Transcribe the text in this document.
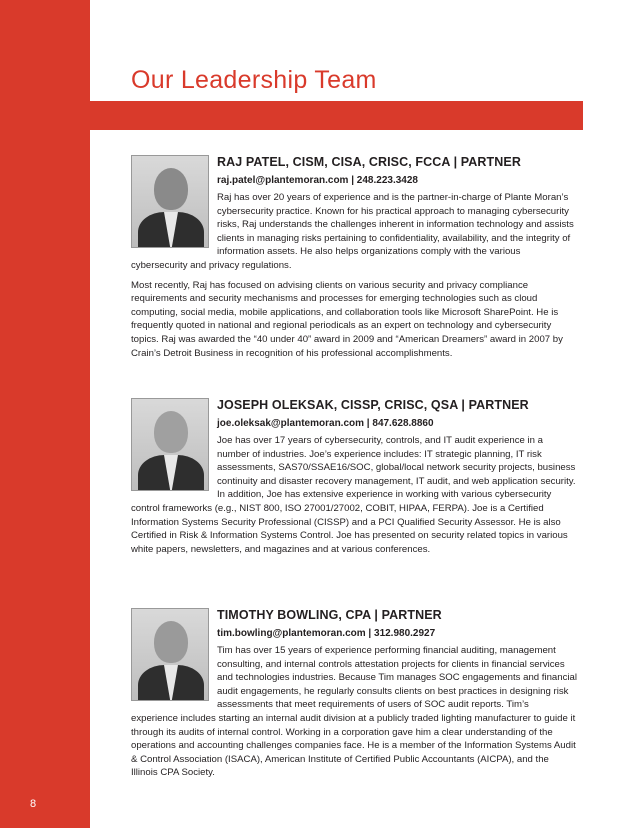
8
Our Leadership Team
RAJ PATEL, CISM, CISA, CRISC, FCCA | PARTNER

raj.patel@plantemoran.com | 248.223.3428

Raj has over 20 years of experience and is the partner-in-charge of Plante Moran’s cybersecurity practice. Known for his practical approach to managing cybersecurity risks, Raj understands the challenges inherent in information technology and assists clients in managing risks pertaining to confidentiality, availability, and the integrity of information assets. He also helps organizations comply with the various cybersecurity and privacy regulations.

Most recently, Raj has focused on advising clients on various security and privacy compliance requirements and security mechanisms and processes for emerging technologies such as cloud computing, social media, mobile applications, and collaboration tools like Microsoft SharePoint. He is frequently quoted in national and regional periodicals as an expert on technology and cybersecurity topics. Raj was awarded the “40 under 40” award in 2009 and “American Dreamers” award in 2007 by Crain’s Detroit Business in recognition of his professional accomplishments.

JOSEPH OLEKSAK, CISSP, CRISC, QSA | PARTNER

joe.oleksak@plantemoran.com | 847.628.8860

Joe has over 17 years of cybersecurity, controls, and IT audit experience in a number of industries. Joe’s experience includes: IT strategic planning, IT risk assessments, SAS70/SSAE16/SOC, global/local network security projects, business continuity and disaster recovery management, IT audit, and web application security. In addition, Joe has extensive experience in working with various cybersecurity control frameworks (e.g., NIST 800, ISO 27001/27002, COBIT, HIPAA, FERPA). Joe is a Certified Information Systems Security Professional (CISSP) and a PCI Qualified Security Assessor. He is also Certified in Risk & Information Systems Control. Joe has presented on security related topics in various white papers, newsletters, and magazines and at various conferences.

TIMOTHY BOWLING, CPA | PARTNER

tim.bowling@plantemoran.com | 312.980.2927

Tim has over 15 years of experience performing financial auditing, management consulting, and internal controls attestation projects for clients in financial services and technologies industries. Because Tim manages SOC engagements and financial audit engagements, he regularly consults clients on best practices in designing risk assessments that meet requirements of users of SOC audit reports. Tim’s experience includes starting an internal audit division at a publicly traded lighting manufacturer to guide it through its audits of internal control. Working in a corporation gave him a clear understanding of the operations and accounting challenges companies face. He is a member of the Information Systems Audit & Control Association (ISACA), American Institute of Certified Public Accountants (AICPA), and the Illinois CPA Society.
